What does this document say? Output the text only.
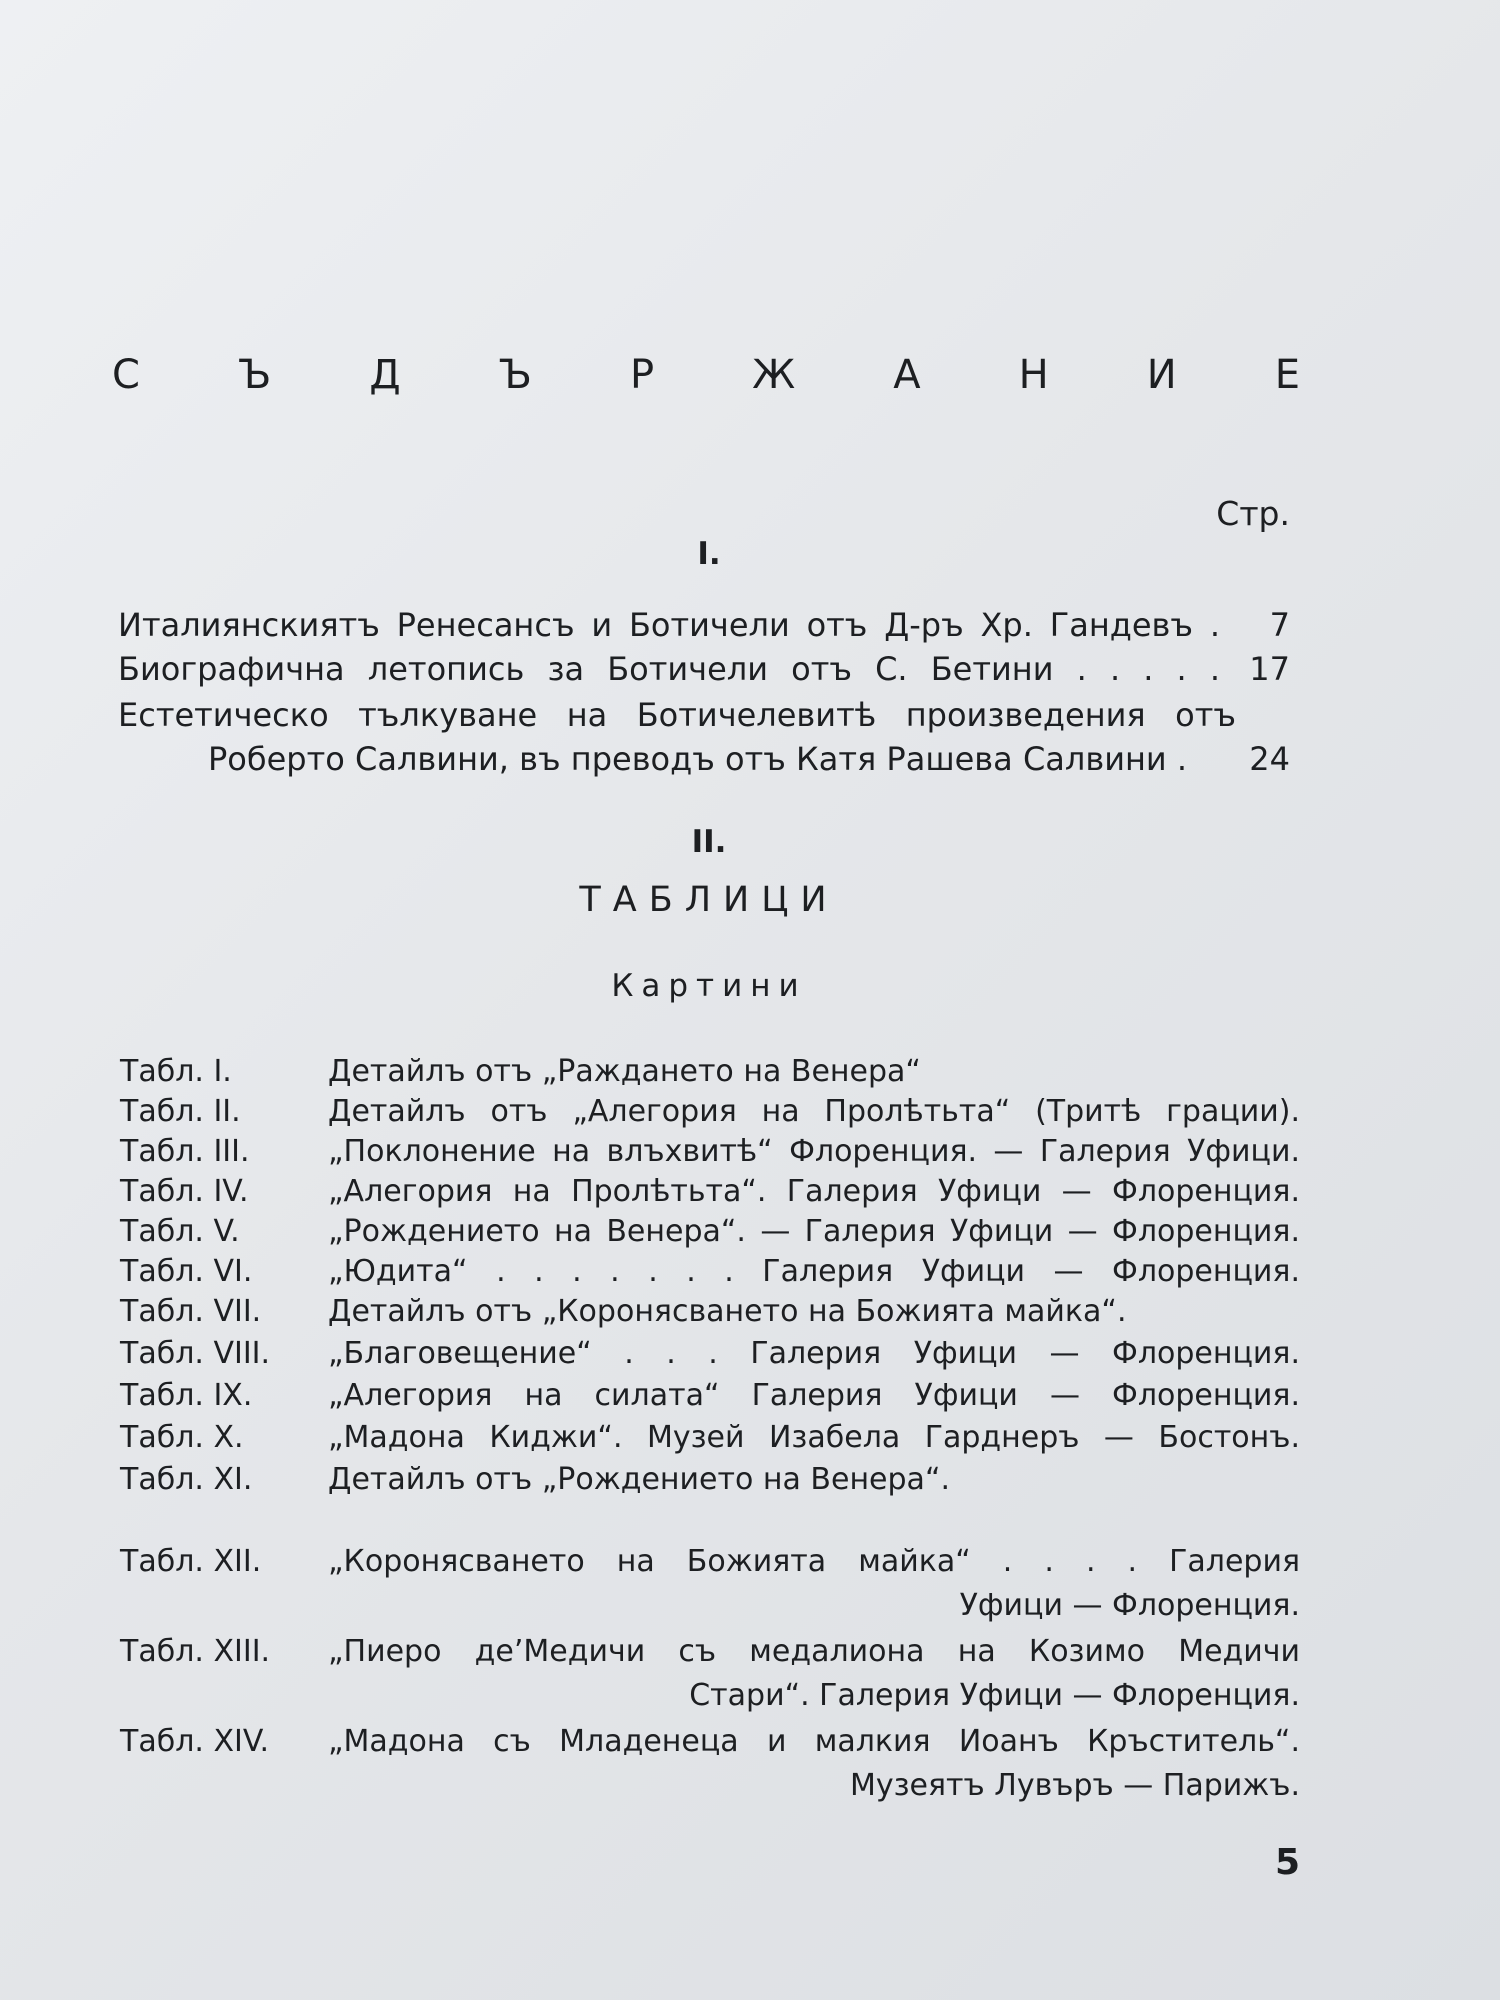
С Ъ Д Ъ Р Ж А Н И Е
Стр.
I.
Италиянскиятъ Ренесансъ и Ботичели отъ Д-ръ Хр. Гандевъ .	7
Биографична летопись за Ботичели отъ С. Бетини . . . . . 17
Естетическо тълкуване на Ботичелевитѣ произведения отъ
Роберто Салвини, въ преводъ отъ Катя Рашева Салвини .	24
II.
ТАБЛИЦИ
Картини
Табл. I.	Детайлъ отъ „Раждането на Венера“
Табл. II.	Детайлъ отъ „Алегория на Пролѣтьта“ (Тритѣ грации).
Табл. III.	„Поклонение на влъхвитѣ“ Флоренция. — Галерия Уфици.
Табл. IV.	„Алегория на Пролѣтьта“. Галерия Уфици — Флоренция.
Табл. V.	„Рождението на Венера“. — Галерия Уфици — Флоренция.
Табл. VI.	„Юдита“ . . . . . . . Галерия Уфици — Флоренция.
Табл. VII. Детайлъ отъ „Коронясването на Божията майка“.
Табл. VIII. „Благовещение“ . . . Галерия Уфици — Флоренция.
Табл. IX.	„Алегория на силата“ Галерия Уфици — Флоренция.
Табл. X.	„Мадона Киджи“. Музей Изабела Гарднеръ — Бостонъ.
Табл. XI.	Детайлъ отъ „Рождението на Венера“.
Табл. XII. „Коронясването на Божията майка“ . . . . Галерия
Уфици — Флоренция.
Табл. XIII. „Пиеро де’Медичи съ медалиона на Козимо Медичи
Стари“. Галерия Уфици — Флоренция.
Табл. XIV. „Мадона съ Младенеца и малкия Иоанъ Кръститель“.
Музеятъ Лувъръ — Парижъ.
5
